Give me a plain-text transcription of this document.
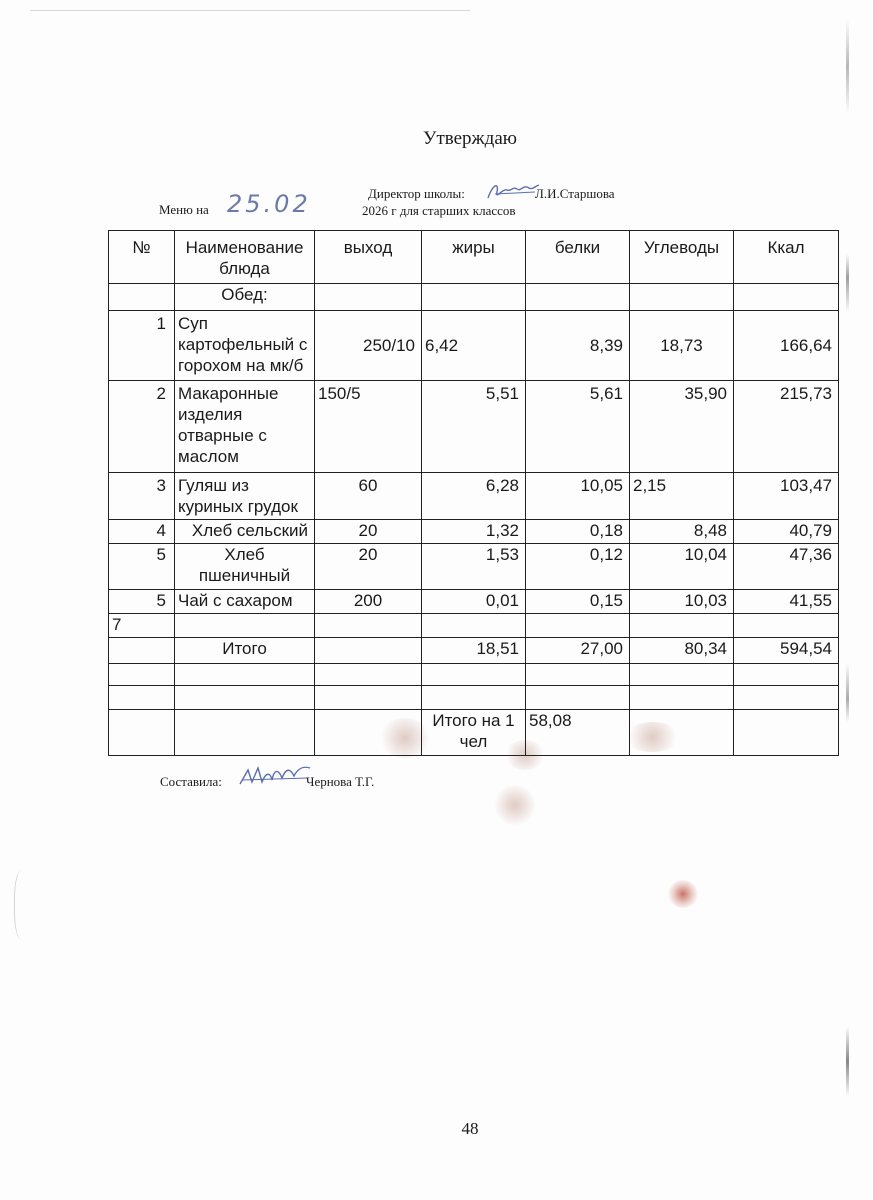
Утверждаю
Меню на 25.02	Директор школы:	Л.И.Старшова
2026 г для старших классов
№	Наименование блюда	выход	жиры	белки	Углеводы	Ккал
	Обед:					
1	Суп картофельный с горохом на мк/б	250/10	6,42	8,39	18,73	166,64
2	Макаронные изделия отварные с маслом	150/5	5,51	5,61	35,90	215,73
3	Гуляш из куриных грудок	60	6,28	10,05	2,15	103,47
4	Хлеб сельский	20	1,32	0,18	8,48	40,79
5	Хлеб пшеничный	20	1,53	0,12	10,04	47,36
5	Чай с сахаром	200	0,01	0,15	10,03	41,55
7						
	Итого		18,51	27,00	80,34	594,54

			Итого на 1 чел	58,08		
Составила:	Чернова Т.Г.
48
